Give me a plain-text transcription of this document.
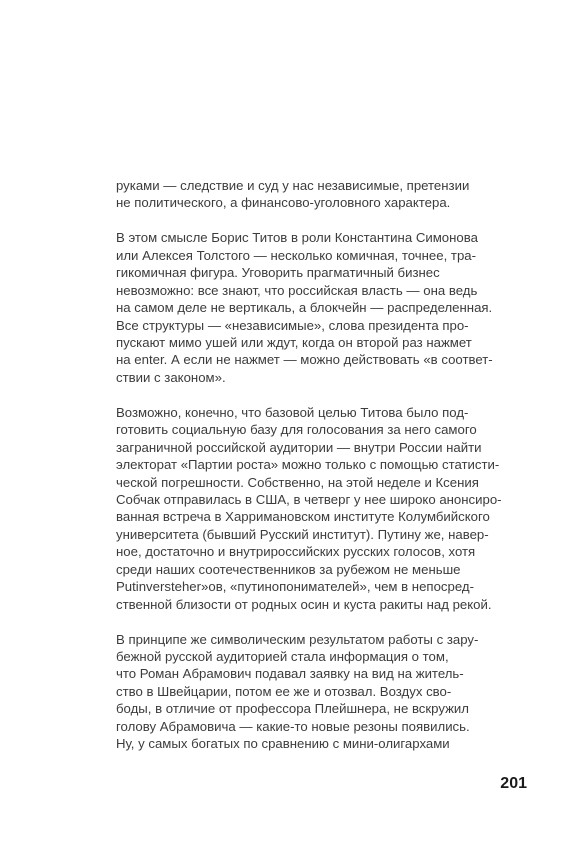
руками — следствие и суд у нас независимые, претензии
не политического, а финансово-уголовного характера.
В этом смысле Борис Титов в роли Константина Симонова
или Алексея Толстого — несколько комичная, точнее, тра-
гикомичная фигура. Уговорить прагматичный бизнес
невозможно: все знают, что российская власть — она ведь
на самом деле не вертикаль, а блокчейн — распределенная.
Все структуры — «независимые», слова президента про-
пускают мимо ушей или ждут, когда он второй раз нажмет
на enter. А если не нажмет — можно действовать «в соответ-
ствии с законом».
Возможно, конечно, что базовой целью Титова было под-
готовить социальную базу для голосования за него самого
заграничной российской аудитории — внутри России найти
электорат «Партии роста» можно только с помощью статисти-
ческой погрешности. Собственно, на этой неделе и Ксения
Собчак отправилась в США, в четверг у нее широко анонсиро-
ванная встреча в Харримановском институте Колумбийского
университета (бывший Русский институт). Путину же, навер-
ное, достаточно и внутрироссийских русских голосов, хотя
среди наших соотечественников за рубежом не меньше
Putinversteher»ов, «путинопонимателей», чем в непосред-
ственной близости от родных осин и куста ракиты над рекой.
В принципе же символическим результатом работы с зару-
бежной русской аудиторией стала информация о том,
что Роман Абрамович подавал заявку на вид на житель-
ство в Швейцарии, потом ее же и отозвал. Воздух сво-
боды, в отличие от профессора Плейшнера, не вскружил
голову Абрамовича — какие-то новые резоны появились.
Ну, у самых богатых по сравнению с мини-олигархами
201
